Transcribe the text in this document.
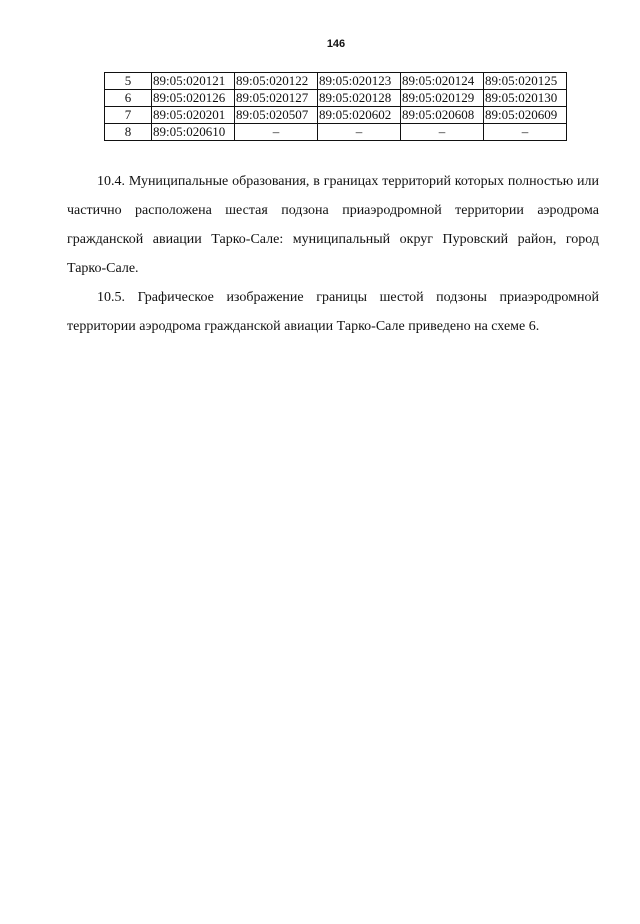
146
5	89:05:020121	89:05:020122	89:05:020123	89:05:020124	89:05:020125
6	89:05:020126	89:05:020127	89:05:020128	89:05:020129	89:05:020130
7	89:05:020201	89:05:020507	89:05:020602	89:05:020608	89:05:020609
8	89:05:020610	–	–	–	–

10.4. Муниципальные образования, в границах территорий которых полностью или частично расположена шестая подзона приаэродромной территории аэродрома гражданской авиации Тарко-Сале: муниципальный округ Пуровский район, город Тарко-Сале.

10.5. Графическое изображение границы шестой подзоны приаэродромной территории аэродрома гражданской авиации Тарко-Сале приведено на схеме 6.
